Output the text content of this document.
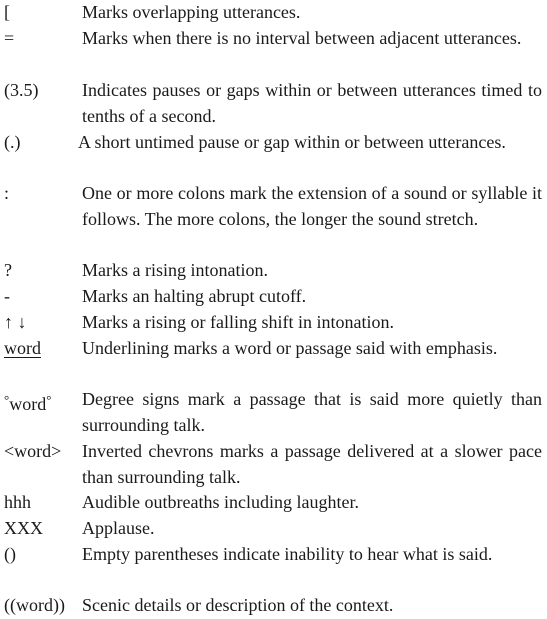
[	Marks overlapping utterances.
=	Marks when there is no interval between adjacent utterances.
(3.5) Indicates pauses or gaps within or between utterances timed to tenths of a second.
(.)	A short untimed pause or gap within or between utterances.
:	One or more colons mark the extension of a sound or syllable it follows. The more colons, the longer the sound stretch.
?	Marks a rising intonation.
-	Marks an halting abrupt cutoff.
↑ ↓	Marks a rising or falling shift in intonation.
word Underlining marks a word or passage said with emphasis.
°word° Degree signs mark a passage that is said more quietly than surrounding talk.
<word> Inverted chevrons marks a passage delivered at a slower pace than surrounding talk.
hhh	Audible outbreaths including laughter.
XXX Applause.
()	Empty parentheses indicate inability to hear what is said.
((word)) Scenic details or description of the context.
